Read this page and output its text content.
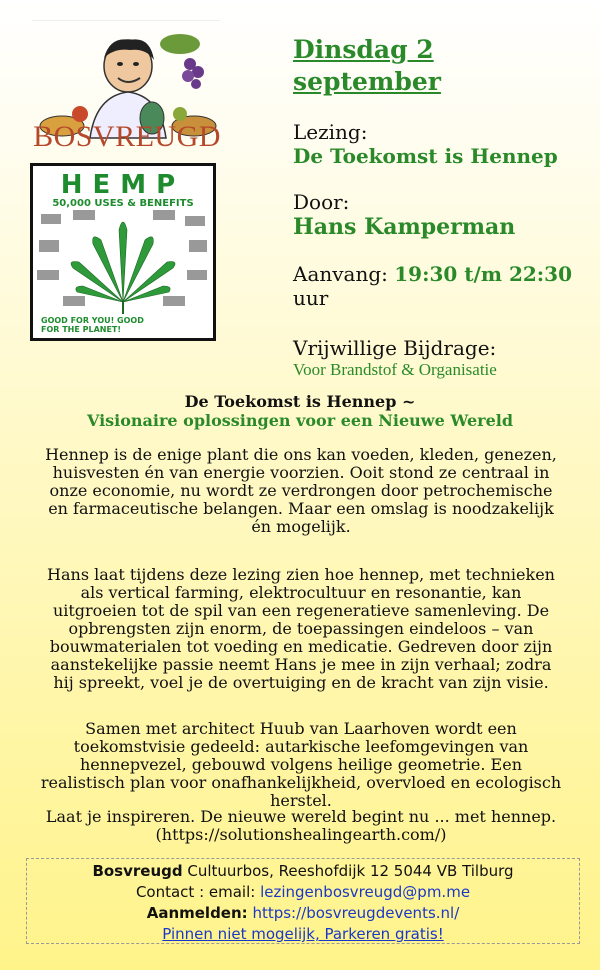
BOSVREUGD
HEMP
50,000 USES & BENEFITS
GOOD FOR YOU! GOOD FOR THE PLANET!
Dinsdag 2 september
Lezing:
De Toekomst is Hennep
Door:
Hans Kamperman
Aanvang: 19:30 t/m 22:30
uur
Vrijwillige Bijdrage:
Voor Brandstof & Organisatie
De Toekomst is Hennep ~
Visionaire oplossingen voor een Nieuwe Wereld

Hennep is de enige plant die ons kan voeden, kleden, genezen, huisvesten én van energie voorzien. Ooit stond ze centraal in onze economie, nu wordt ze verdrongen door petrochemische en farmaceutische belangen. Maar een omslag is noodzakelijk én mogelijk.

Hans laat tijdens deze lezing zien hoe hennep, met technieken als vertical farming, elektrocultuur en resonantie, kan uitgroeien tot de spil van een regeneratieve samenleving. De opbrengsten zijn enorm, de toepassingen eindeloos – van bouwmaterialen tot voeding en medicatie. Gedreven door zijn aanstekelijke passie neemt Hans je mee in zijn verhaal; zodra hij spreekt, voel je de overtuiging en de kracht van zijn visie.

Samen met architect Huub van Laarhoven wordt een toekomstvisie gedeeld: autarkische leefomgevingen van hennepvezel, gebouwd volgens heilige geometrie. Een realistisch plan voor onafhankelijkheid, overvloed en ecologisch herstel.

Laat je inspireren. De nieuwe wereld begint nu ... met hennep.
(https://solutionshealingearth.com/)
Bosvreugd Cultuurbos, Reeshofdijk 12 5044 VB Tilburg
Contact : email: lezingenbosvreugd@pm.me
Aanmelden: https://bosvreugdevents.nl/
Pinnen niet mogelijk, Parkeren gratis!
